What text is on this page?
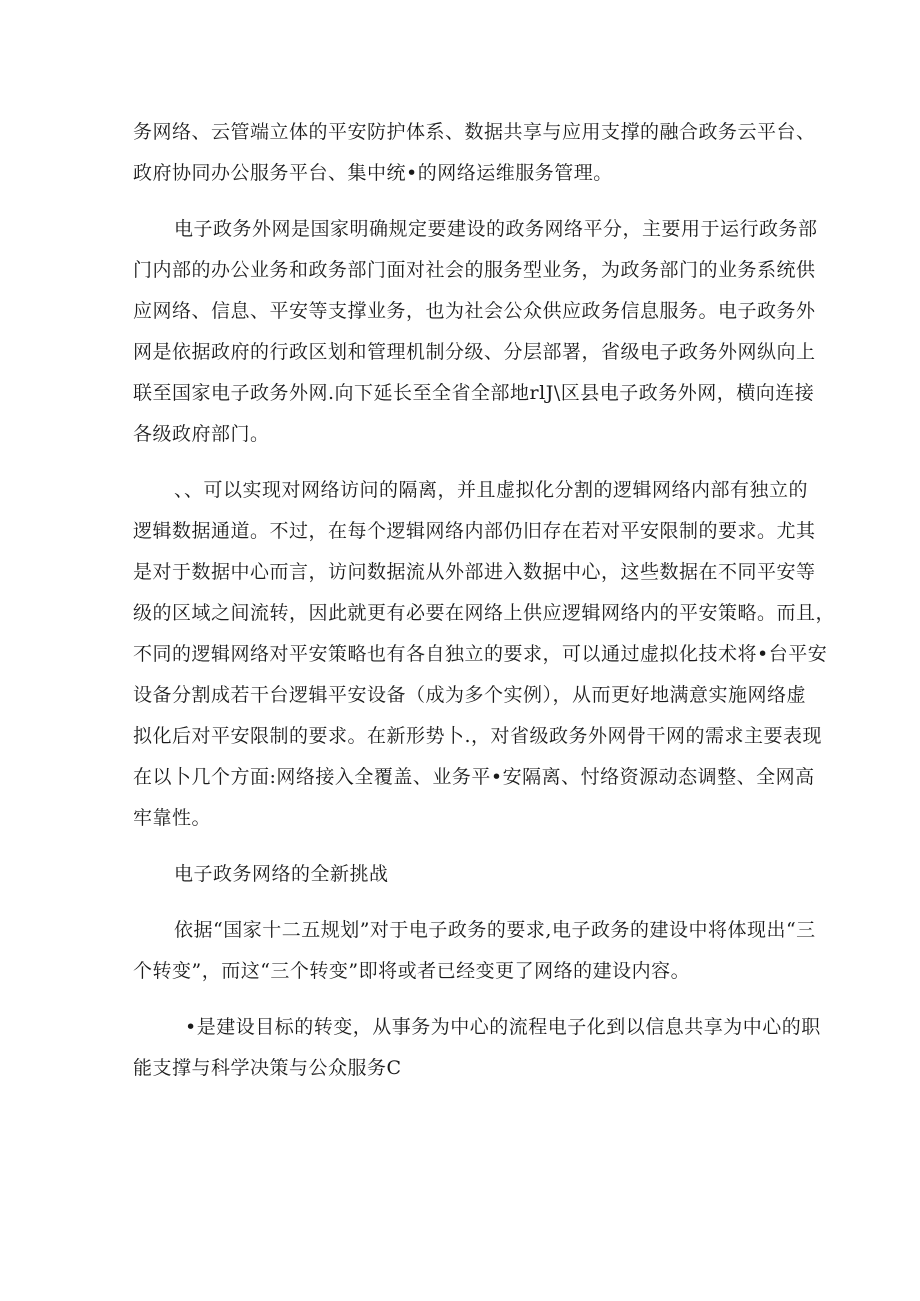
务网络、云管端立体的平安防护体系、数据共享与应用支撑的融合政务云平台、
政府协同办公服务平台、集中统•的网络运维服务管理。

电子政务外网是国家明确规定要建设的政务网络平分，主要用于运行政务部
门内部的办公业务和政务部门面对社会的服务型业务，为政务部门的业务系统供
应网络、信息、平安等支撑业务，也为社会公众供应政务信息服务。电子政务外
网是依据政府的行政区划和管理机制分级、分层部署，省级电子政务外网纵向上
联至国家电子政务外网.向下延长至全省全部地rlJ\区县电子政务外网，横向连接
各级政府部门。

、、可以实现对网络访问的隔离，并且虚拟化分割的逻辑网络内部有独立的
逻辑数据通道。不过，在每个逻辑网络内部仍旧存在若对平安限制的要求。尤其
是对于数据中心而言，访问数据流从外部进入数据中心，这些数据在不同平安等
级的区域之间流转，因此就更有必要在网络上供应逻辑网络内的平安策略。而且，
不同的逻辑网络对平安策略也有各自独立的要求，可以通过虚拟化技术将•台平安
设备分割成若干台逻辑平安设备（成为多个实例），从而更好地满意实施网络虚
拟化后对平安限制的要求。在新形势卜.，对省级政务外网骨干网的需求主要表现
在以卜几个方面:网络接入全覆盖、业务平•安隔离、忖络资源动态调整、全网高
牢靠性。

电子政务网络的全新挑战

依据“国家十二五规划”对于电子政务的要求,电子政务的建设中将体现出“三
个转变”，而这“三个转变”即将或者已经变更了网络的建设内容。

•是建设目标的转变，从事务为中心的流程电子化到以信息共享为中心的职
能支撑与科学决策与公众服务C
